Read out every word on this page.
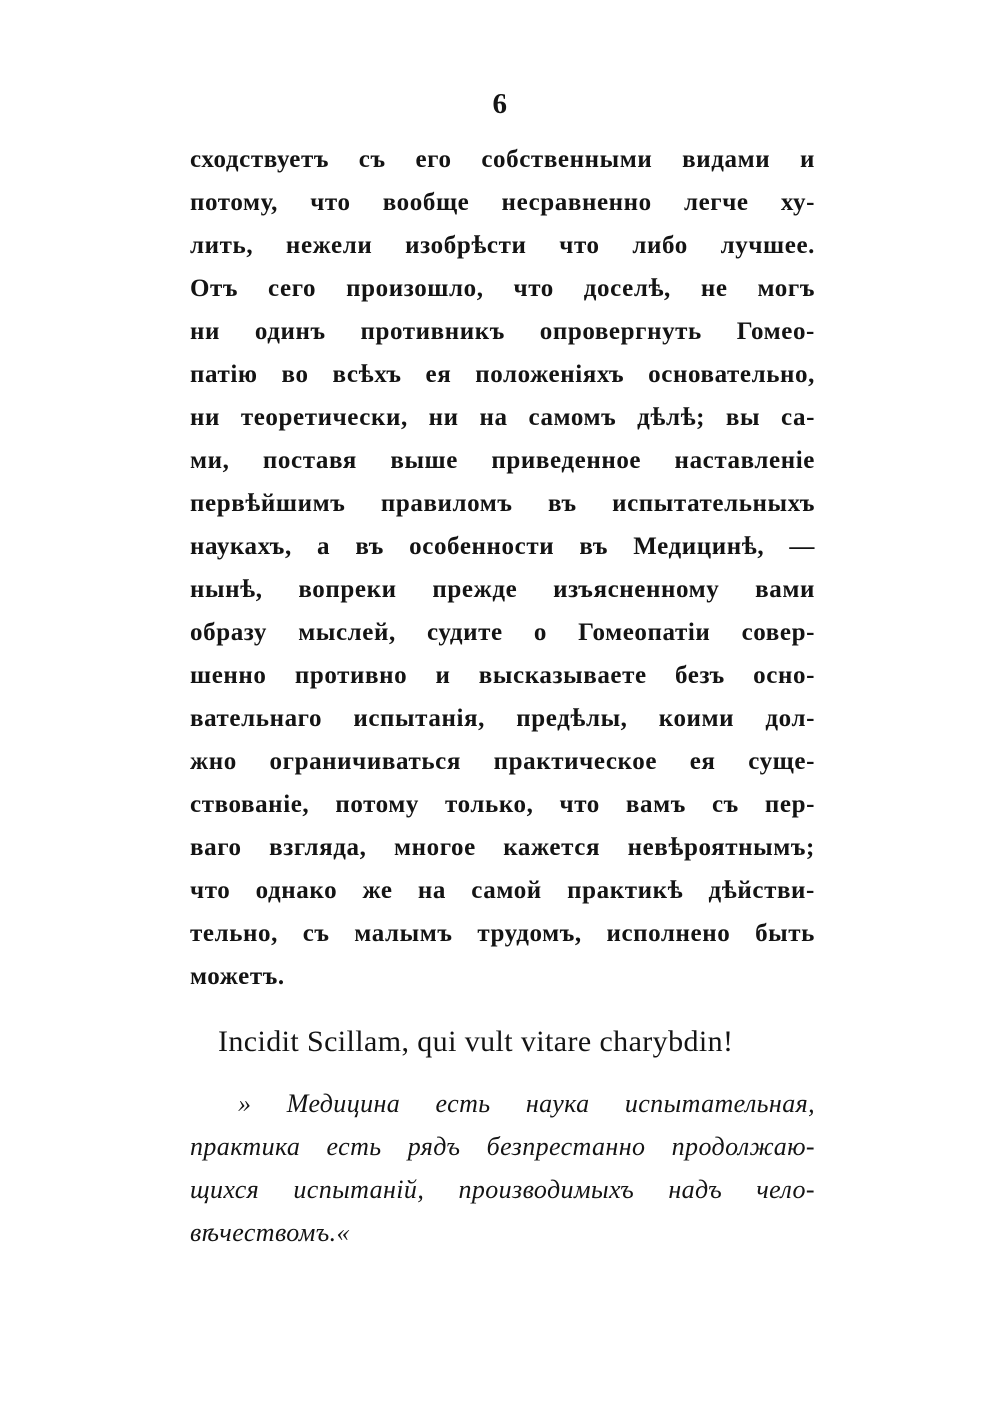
6
сходствуетъ съ его собственными видами и
потому, что вообще несравненно легче ху-
лить, нежели изобрѣсти что либо лучшее.
Отъ сего произошло, что доселѣ, не могъ
ни одинъ противникъ опровергнуть Гомео-
патiю во всѣхъ ея положенiяхъ основательно,
ни теоретически, ни на самомъ дѣлѣ; вы са-
ми, поставя выше приведенное наставленiе
первѣйшимъ правиломъ въ испытательныхъ
наукахъ, а въ особенности въ Медицинѣ, —
нынѣ, вопреки прежде изъясненному вами
образу мыслей, судите о Гомеопатiи совер-
шенно противно и высказываете безъ осно-
вательнаго испытанiя, предѣлы, коими дол-
жно ограничиваться практическое ея суще-
ствованiе, потому только, что вамъ съ пер-
ваго взгляда, многое кажется невѣроятнымъ;
что однако же на самой практикѣ дѣйстви-
тельно, съ малымъ трудомъ, исполнено быть
можетъ.
Incidit Scillam, qui vult vitare charybdin!
» Медицина есть наука испытательная,
практика есть рядъ безпрестанно продолжаю-
щихся испытанiй, производимыхъ надъ чело-
вѣчествомъ.«
